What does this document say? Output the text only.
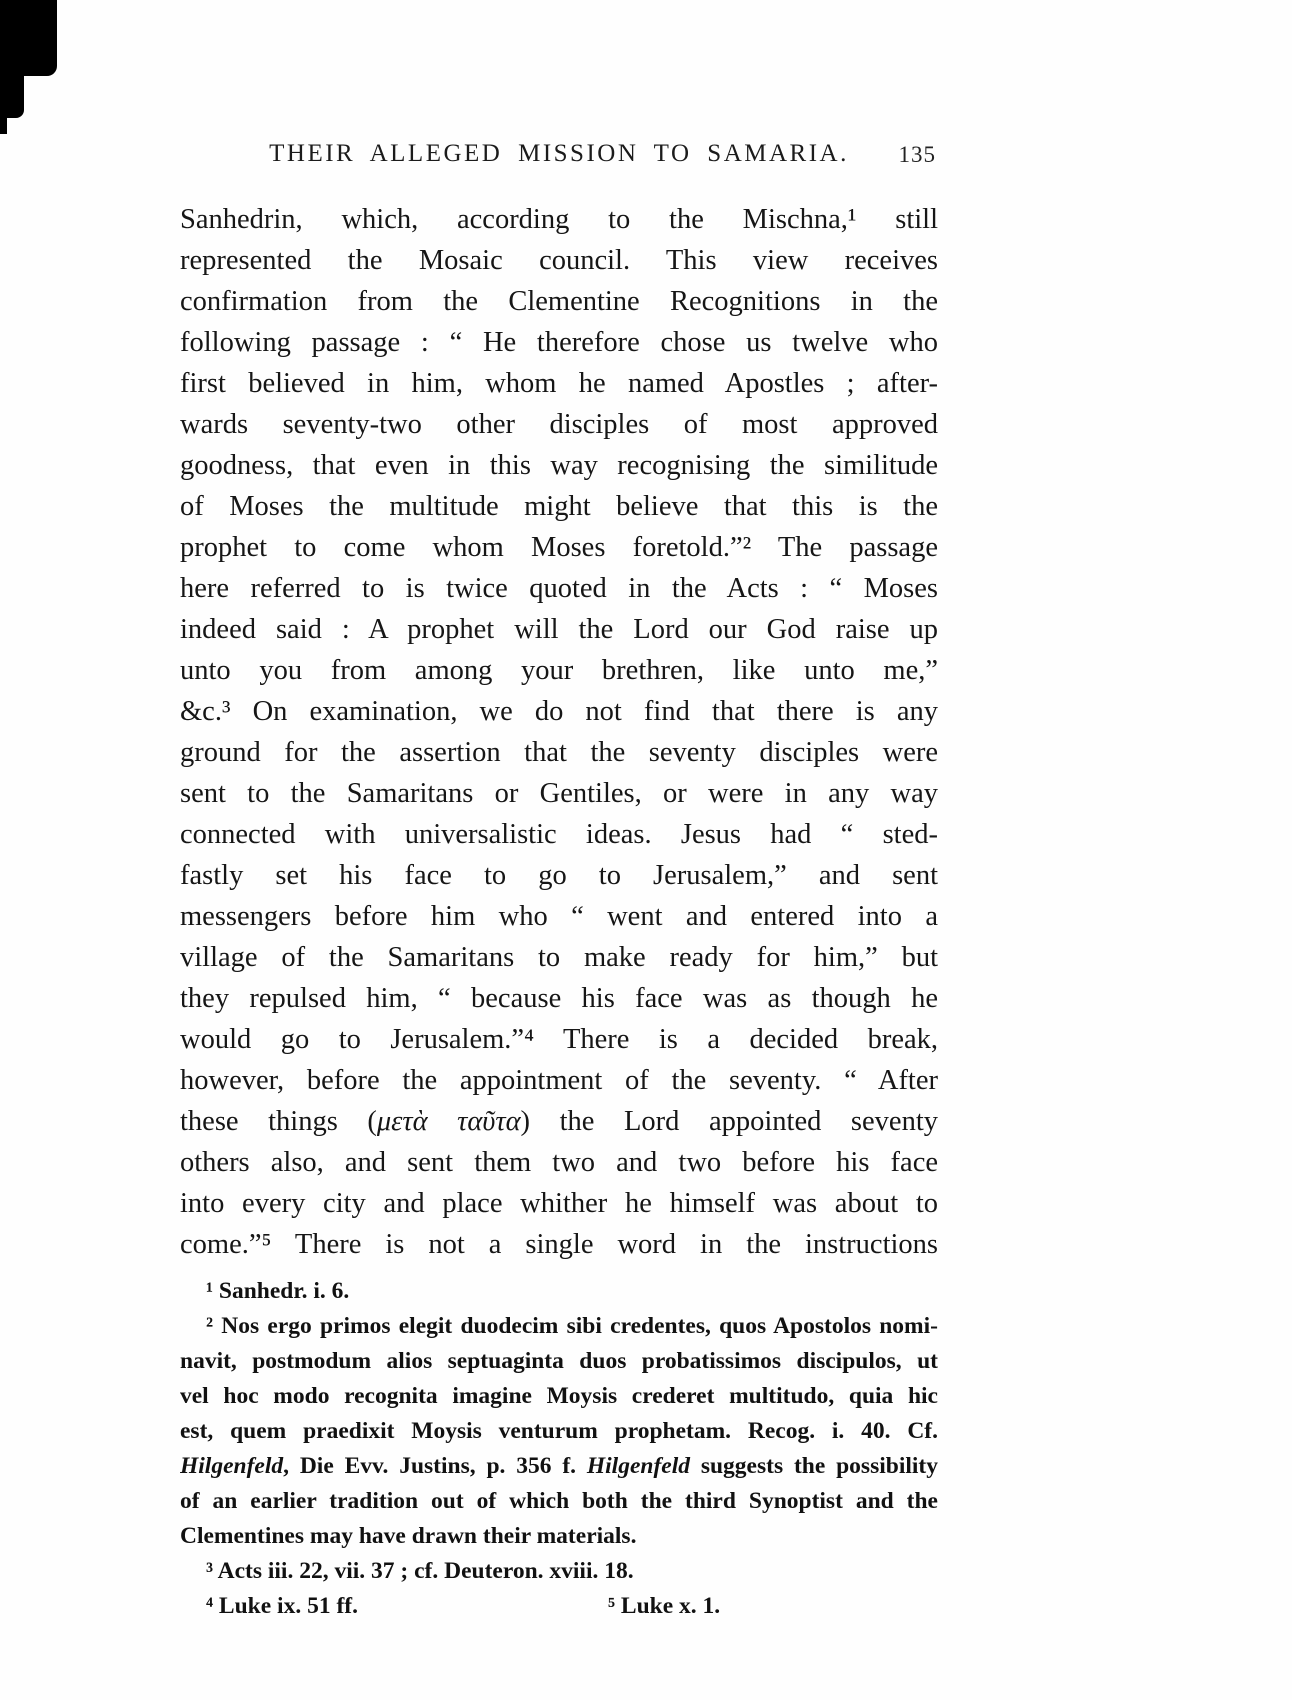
THEIR ALLEGED MISSION TO SAMARIA. 135
Sanhedrin, which, according to the Mischna,¹ still
represented the Mosaic council. This view receives
confirmation from the Clementine Recognitions in the
following passage : “ He therefore chose us twelve who
first believed in him, whom he named Apostles ; after-
wards seventy-two other disciples of most approved
goodness, that even in this way recognising the similitude
of Moses the multitude might believe that this is the
prophet to come whom Moses foretold.”² The passage
here referred to is twice quoted in the Acts : “ Moses
indeed said : A prophet will the Lord our God raise up
unto you from among your brethren, like unto me,”
&c.³ On examination, we do not find that there is any
ground for the assertion that the seventy disciples were
sent to the Samaritans or Gentiles, or were in any way
connected with universalistic ideas. Jesus had “ sted-
fastly set his face to go to Jerusalem,” and sent
messengers before him who “ went and entered into a
village of the Samaritans to make ready for him,” but
they repulsed him, “ because his face was as though he
would go to Jerusalem.”⁴ There is a decided break,
however, before the appointment of the seventy. “ After
these things (μετὰ ταῦτα) the Lord appointed seventy
others also, and sent them two and two before his face
into every city and place whither he himself was about to
come.”⁵ There is not a single word in the instructions
¹ Sanhedr. i. 6.
² Nos ergo primos elegit duodecim sibi credentes, quos Apostolos nomi-
navit, postmodum alios septuaginta duos probatissimos discipulos, ut
vel hoc modo recognita imagine Moysis crederet multitudo, quia hic
est, quem praedixit Moysis venturum prophetam. Recog. i. 40. Cf.
Hilgenfeld, Die Evv. Justins, p. 356 f. Hilgenfeld suggests the possibility
of an earlier tradition out of which both the third Synoptist and the
Clementines may have drawn their materials.
³ Acts iii. 22, vii. 37 ; cf. Deuteron. xviii. 18.
⁴ Luke ix. 51 ff.	⁵ Luke x. 1.
